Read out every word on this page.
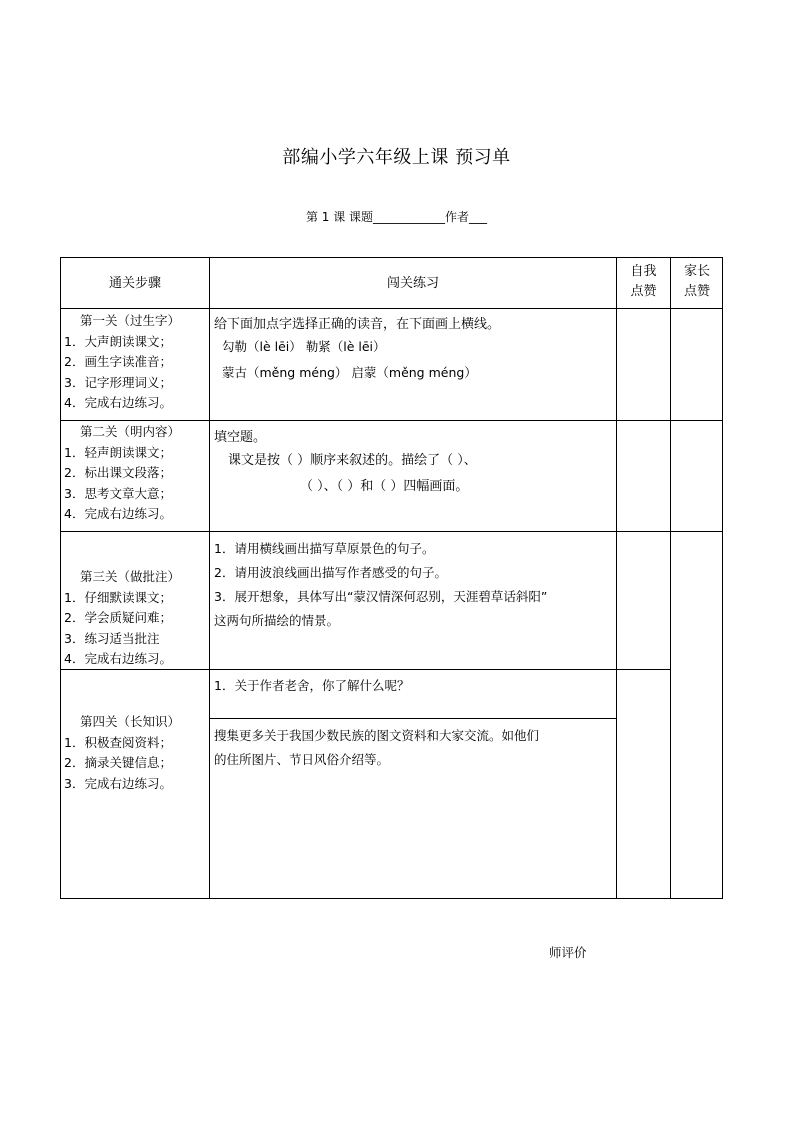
部编小学六年级上课 预习单
第 1 课 课题____________作者___
通关步骤	闯关练习
自我
点赞
家长
点赞
第一关（过生字）
1．大声朗读课文；
2．画生字读准音；
3．记字形理词义；
4．完成右边练习。
给下面加点字选择正确的读音，在下面画上横线。
勾勒（lè lēi） 勒紧（lè lēi）
蒙古（měng méng） 启蒙（měng méng）
第二关（明内容）
1．轻声朗读课文；
2．标出课文段落；
3．思考文章大意；
4．完成右边练习。
填空题。
课文是按（ ）顺序来叙述的。描绘了（ ）、
（ ）、（ ）和（ ）四幅画面。
第三关（做批注）
1．仔细默读课文；
2．学会质疑问难；
3．练习适当批注
4．完成右边练习。
1．请用横线画出描写草原景色的句子。
2．请用波浪线画出描写作者感受的句子。
3．展开想象，具体写出“蒙汉情深何忍别，天涯碧草话斜阳”
这两句所描绘的情景。
第四关（长知识）
1．积极查阅资料；
2．摘录关键信息；
3．完成右边练习。
1．关于作者老舍，你了解什么呢？
搜集更多关于我国少数民族的图文资料和大家交流。如他们
的住所图片、节日风俗介绍等。
师评价
